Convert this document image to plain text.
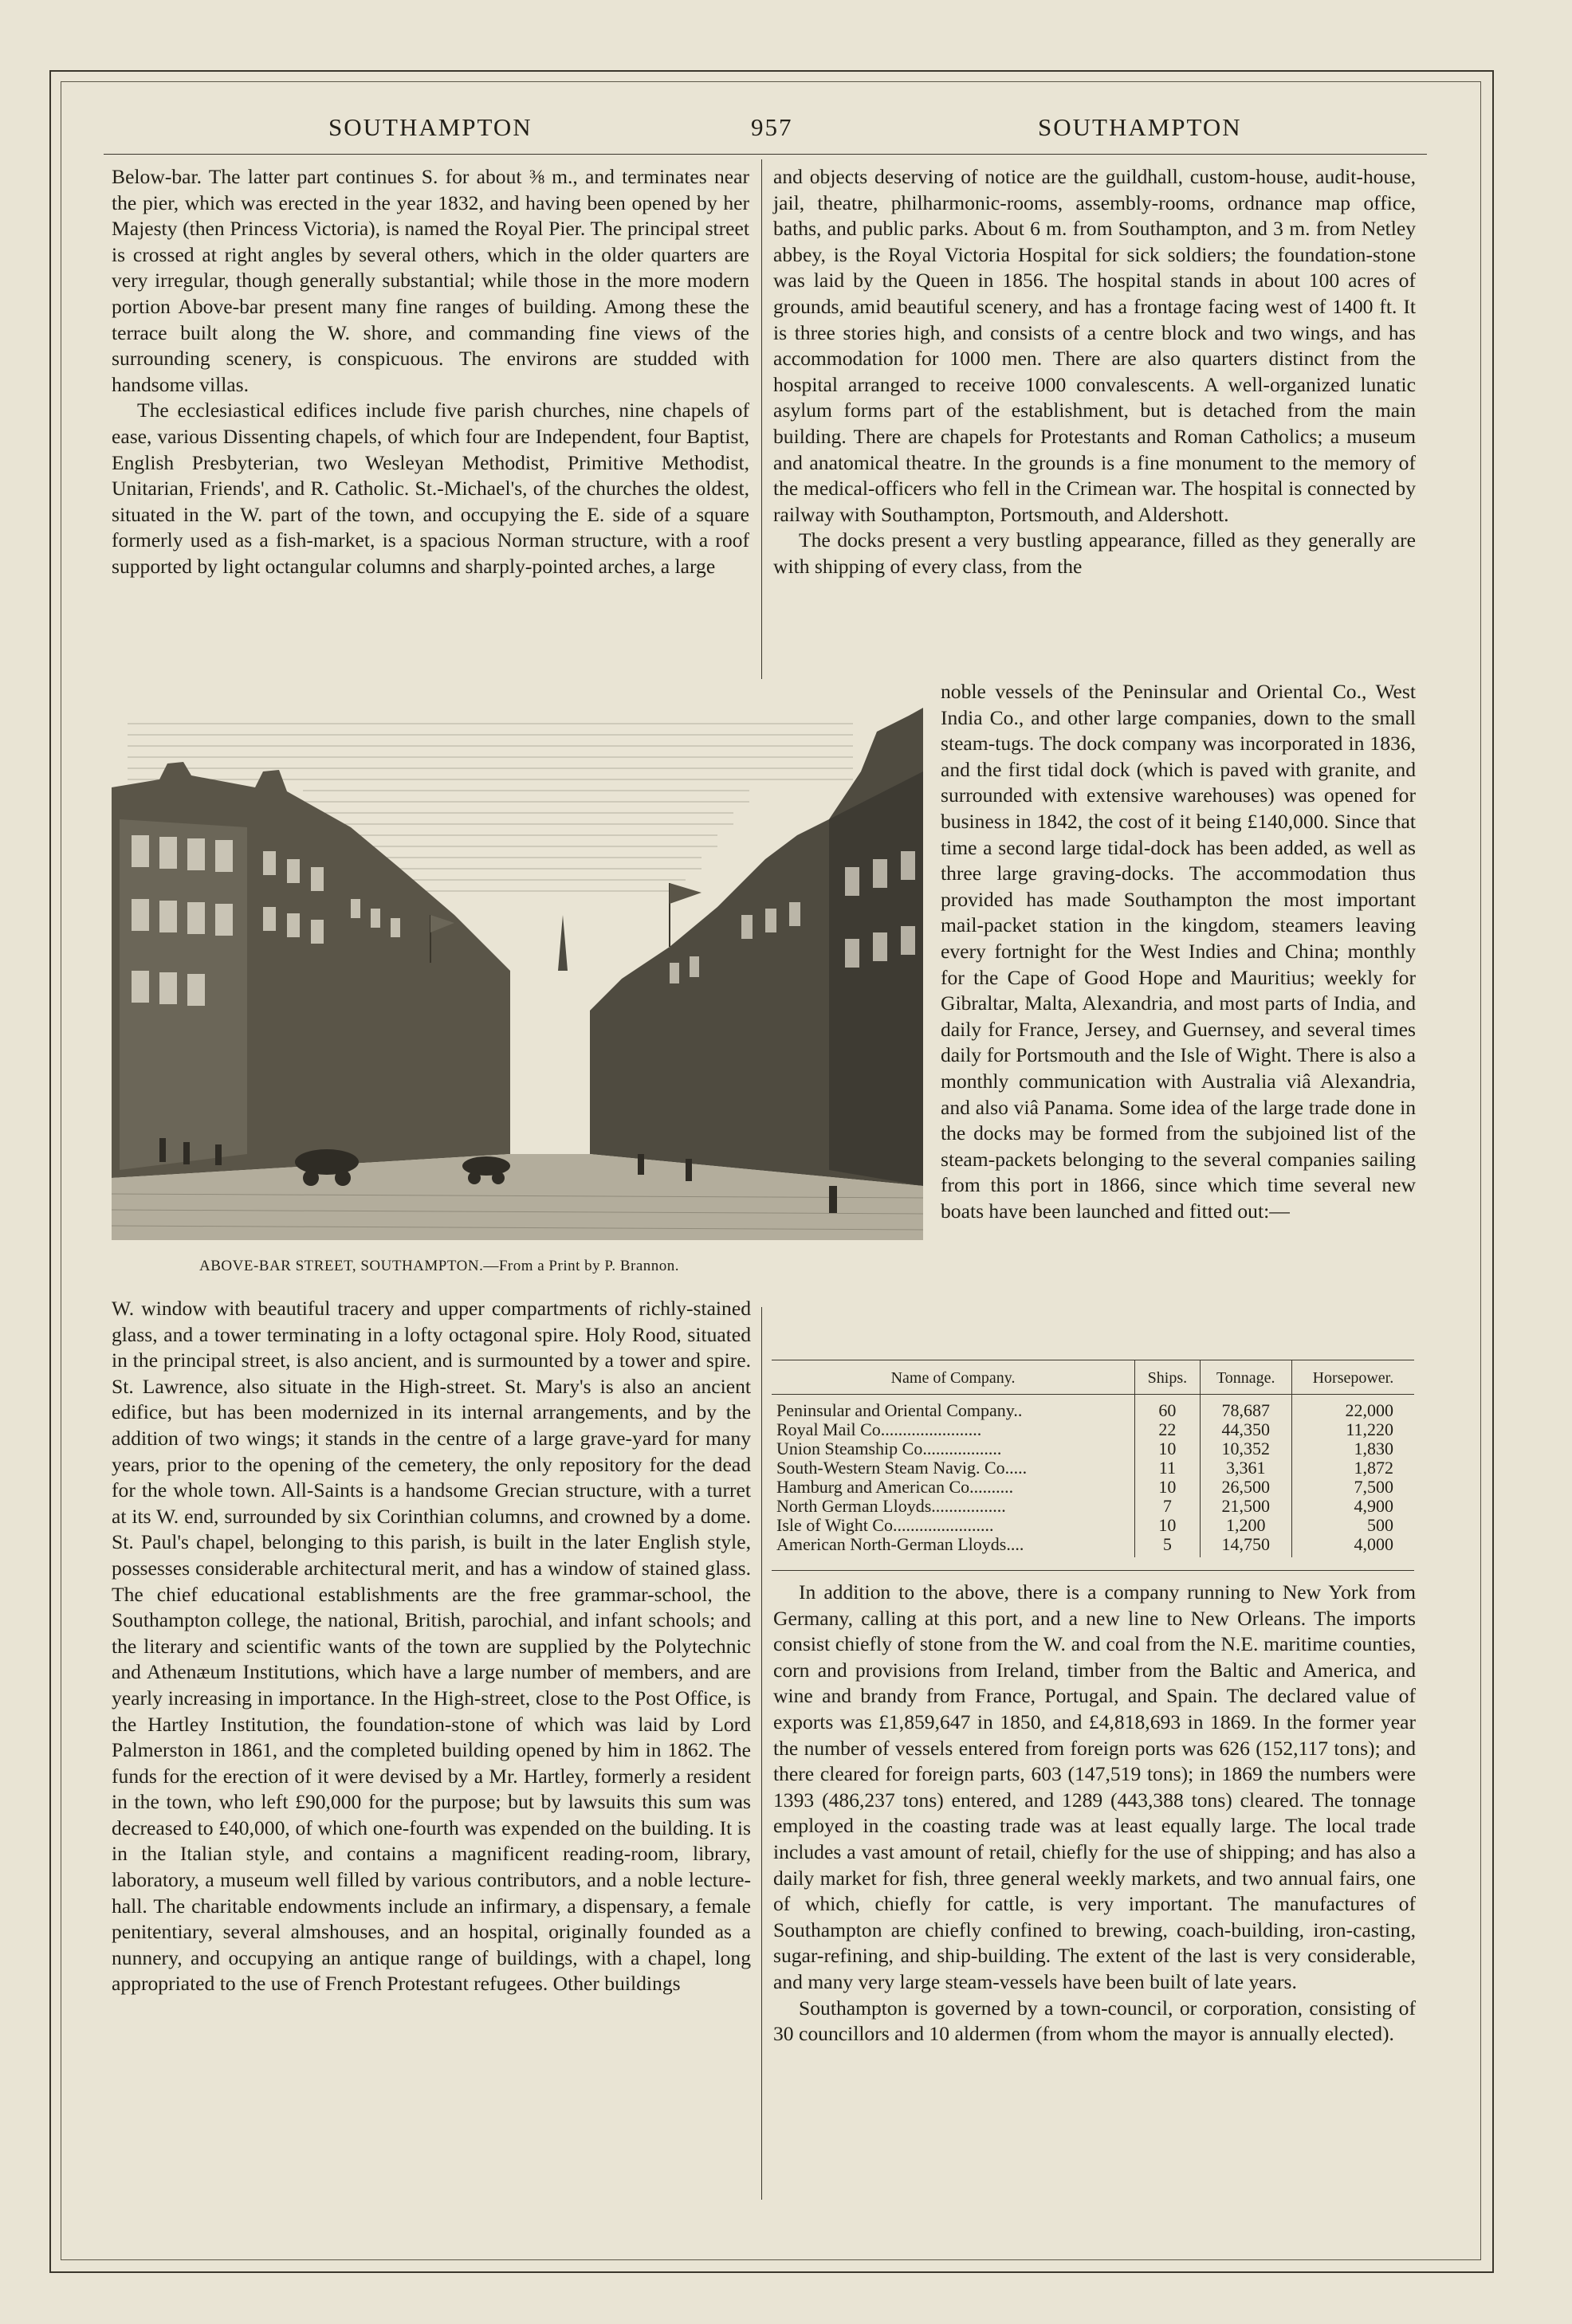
SOUTHAMPTON	957	SOUTHAMPTON

Below-bar. The latter part continues S. for about ⅜ m., and terminates near the pier, which was erected in the year 1832, and having been opened by her Majesty (then Princess Victoria), is named the Royal Pier. The principal street is crossed at right angles by several others, which in the older quarters are very irregular, though generally substantial; while those in the more modern portion Above-bar present many fine ranges of building. Among these the terrace built along the W. shore, and commanding fine views of the surrounding scenery, is conspicuous. The environs are studded with handsome villas.

The ecclesiastical edifices include five parish churches, nine chapels of ease, various Dissenting chapels, of which four are Independent, four Baptist, English Presbyterian, two Wesleyan Methodist, Primitive Methodist, Unitarian, Friends', and R. Catholic. St.-Michael's, of the churches the oldest, situated in the W. part of the town, and occupying the E. side of a square formerly used as a fish-market, is a spacious Norman structure, with a roof supported by light octangular columns and sharply-pointed arches, a large

and objects deserving of notice are the guildhall, custom-house, audit-house, jail, theatre, philharmonic-rooms, assembly-rooms, ordnance map office, baths, and public parks. About 6 m. from Southampton, and 3 m. from Netley abbey, is the Royal Victoria Hospital for sick soldiers; the foundation-stone was laid by the Queen in 1856. The hospital stands in about 100 acres of grounds, amid beautiful scenery, and has a frontage facing west of 1400 ft. It is three stories high, and consists of a centre block and two wings, and has accommodation for 1000 men. There are also quarters distinct from the hospital arranged to receive 1000 convalescents. A well-organized lunatic asylum forms part of the establishment, but is detached from the main building. There are chapels for Protestants and Roman Catholics; a museum and anatomical theatre. In the grounds is a fine monument to the memory of the medical-officers who fell in the Crimean war. The hospital is connected by railway with Southampton, Portsmouth, and Aldershott.

The docks present a very bustling appearance, filled as they generally are with shipping of every class, from the

noble vessels of the Peninsular and Oriental Co., West India Co., and other large companies, down to the small steam-tugs. The dock company was incorporated in 1836, and the first tidal dock (which is paved with granite, and surrounded with extensive warehouses) was opened for business in 1842, the cost of it being £140,000. Since that time a second large tidal-dock has been added, as well as three large graving-docks. The accommodation thus provided has made Southampton the most important mail-packet station in the kingdom, steamers leaving every fortnight for the West Indies and China; monthly for the Cape of Good Hope and Mauritius; weekly for Gibraltar, Malta, Alexandria, and most parts of India, and daily for France, Jersey, and Guernsey, and several times daily for Portsmouth and the Isle of Wight. There is also a monthly communication with Australia viâ Alexandria, and also viâ Panama. Some idea of the large trade done in the docks may be formed from the subjoined list of the steam-packets belonging to the several companies sailing from this port in 1866, since which time several new boats have been launched and fitted out:—

ABOVE-BAR STREET, SOUTHAMPTON.—From a Print by P. Brannon.

W. window with beautiful tracery and upper compartments of richly-stained glass, and a tower terminating in a lofty octagonal spire. Holy Rood, situated in the principal street, is also ancient, and is surmounted by a tower and spire. St. Lawrence, also situate in the High-street. St. Mary's is also an ancient edifice, but has been modernized in its internal arrangements, and by the addition of two wings; it stands in the centre of a large grave-yard for many years, prior to the opening of the cemetery, the only repository for the dead for the whole town. All-Saints is a handsome Grecian structure, with a turret at its W. end, surrounded by six Corinthian columns, and crowned by a dome. St. Paul's chapel, belonging to this parish, is built in the later English style, possesses considerable architectural merit, and has a window of stained glass. The chief educational establishments are the free grammar-school, the Southampton college, the national, British, parochial, and infant schools; and the literary and scientific wants of the town are supplied by the Polytechnic and Athenæum Institutions, which have a large number of members, and are yearly increasing in importance. In the High-street, close to the Post Office, is the Hartley Institution, the foundation-stone of which was laid by Lord Palmerston in 1861, and the completed building opened by him in 1862. The funds for the erection of it were devised by a Mr. Hartley, formerly a resident in the town, who left £90,000 for the purpose; but by lawsuits this sum was decreased to £40,000, of which one-fourth was expended on the building. It is in the Italian style, and contains a magnificent reading-room, library, laboratory, a museum well filled by various contributors, and a noble lecture-hall. The charitable endowments include an infirmary, a dispensary, a female penitentiary, several almshouses, and an hospital, originally founded as a nunnery, and occupying an antique range of buildings, with a chapel, long appropriated to the use of French Protestant refugees. Other buildings

Name of Company.	Ships.	Tonnage.	Horsepower.
Peninsular and Oriental Company..	60	78,687	22,000
Royal Mail Co.......................	22	44,350	11,220
Union Steamship Co..................	10	10,352	1,830
South-Western Steam Navig. Co.....	11	3,361	1,872
Hamburg and American Co..........	10	26,500	7,500
North German Lloyds.................	7	21,500	4,900
Isle of Wight Co.......................	10	1,200	500
American North-German Lloyds....	5	14,750	4,000

In addition to the above, there is a company running to New York from Germany, calling at this port, and a new line to New Orleans. The imports consist chiefly of stone from the W. and coal from the N.E. maritime counties, corn and provisions from Ireland, timber from the Baltic and America, and wine and brandy from France, Portugal, and Spain. The declared value of exports was £1,859,647 in 1850, and £4,818,693 in 1869. In the former year the number of vessels entered from foreign ports was 626 (152,117 tons); and there cleared for foreign parts, 603 (147,519 tons); in 1869 the numbers were 1393 (486,237 tons) entered, and 1289 (443,388 tons) cleared. The tonnage employed in the coasting trade was at least equally large. The local trade includes a vast amount of retail, chiefly for the use of shipping; and has also a daily market for fish, three general weekly markets, and two annual fairs, one of which, chiefly for cattle, is very important. The manufactures of Southampton are chiefly confined to brewing, coach-building, iron-casting, sugar-refining, and ship-building. The extent of the last is very considerable, and many very large steam-vessels have been built of late years.

Southampton is governed by a town-council, or corporation, consisting of 30 councillors and 10 aldermen (from whom the mayor is annually elected).
